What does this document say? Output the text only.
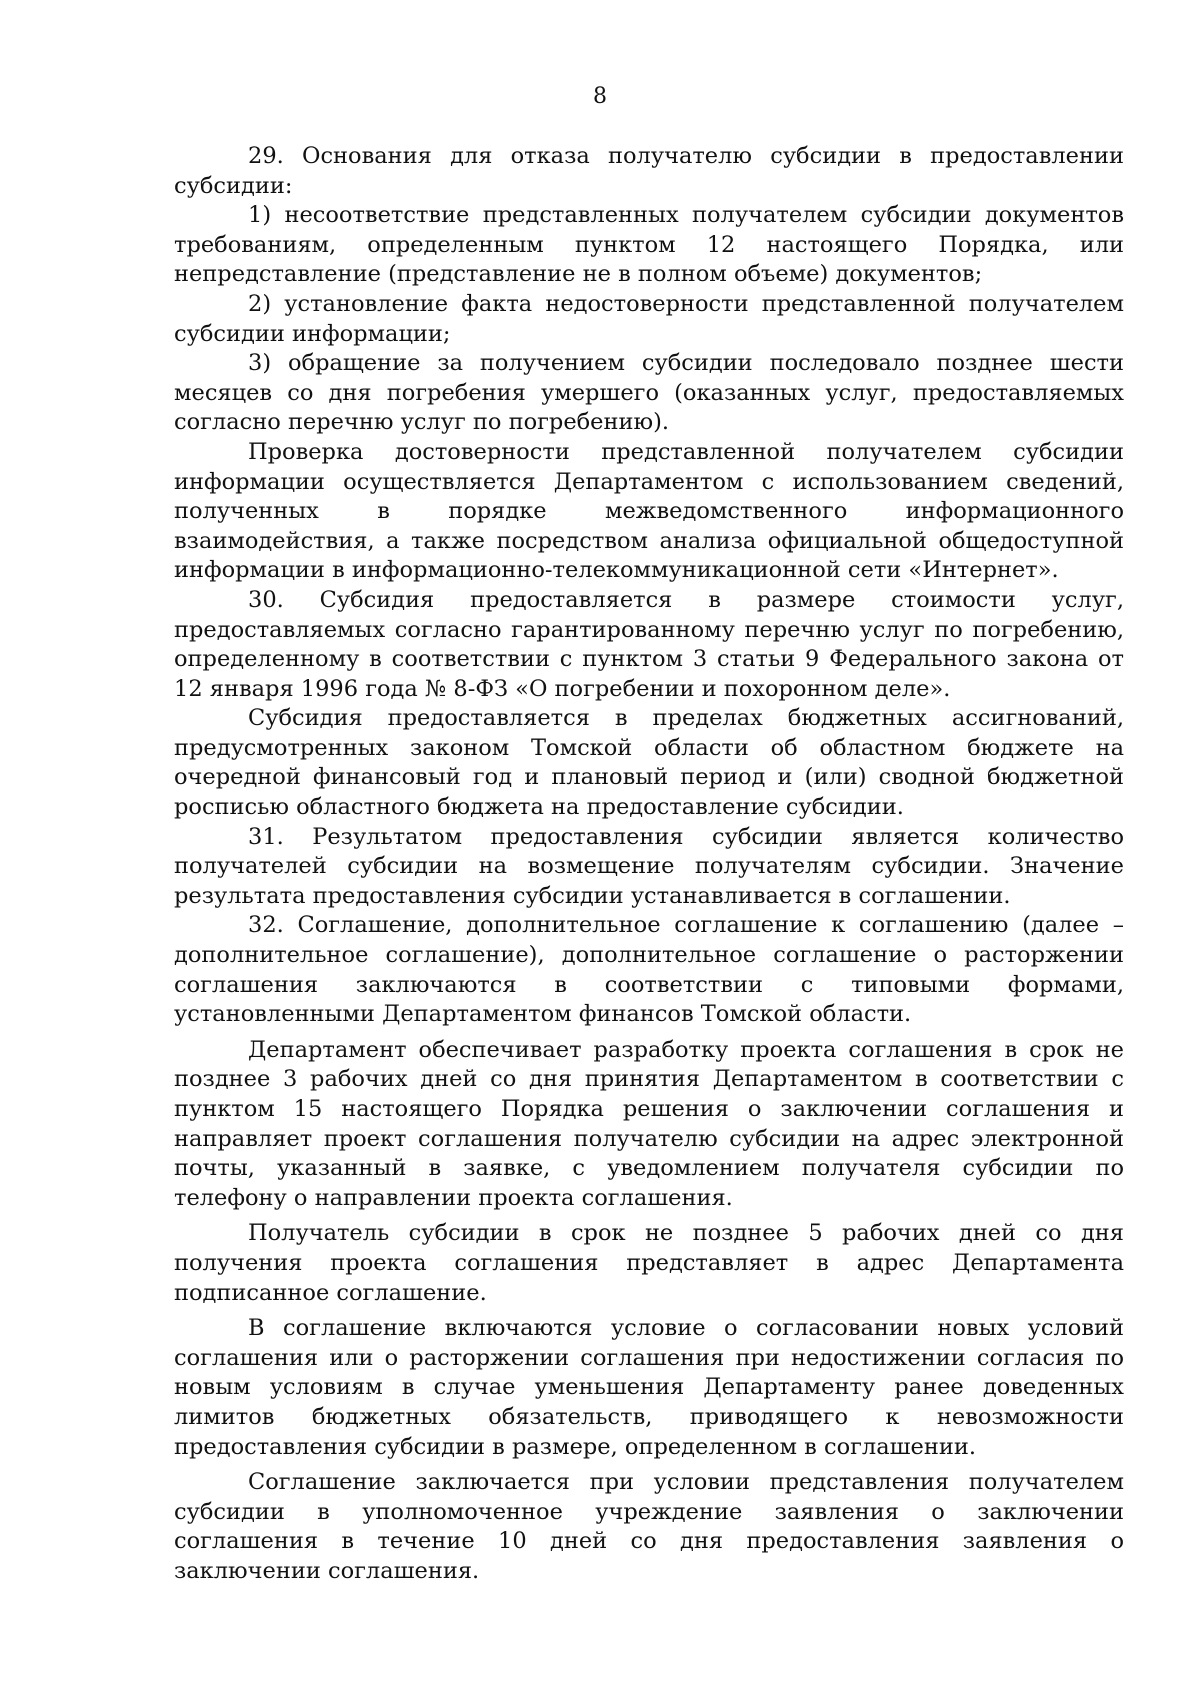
8

29. Основания для отказа получателю субсидии в предоставлении субсидии:

1) несоответствие представленных получателем субсидии документов требованиям, определенным пунктом 12 настоящего Порядка, или непредставление (представление не в полном объеме) документов;

2) установление факта недостоверности представленной получателем субсидии информации;

3) обращение за получением субсидии последовало позднее шести месяцев со дня погребения умершего (оказанных услуг, предоставляемых согласно перечню услуг по погребению).

Проверка достоверности представленной получателем субсидии информации осуществляется Департаментом с использованием сведений, полученных в порядке межведомственного информационного взаимодействия, а также посредством анализа официальной общедоступной информации в информационно-телекоммуникационной сети «Интернет».

30. Субсидия предоставляется в размере стоимости услуг, предоставляемых согласно гарантированному перечню услуг по погребению, определенному в соответствии с пунктом 3 статьи 9 Федерального закона от 12 января 1996 года № 8-ФЗ «О погребении и похоронном деле».

Субсидия предоставляется в пределах бюджетных ассигнований, предусмотренных законом Томской области об областном бюджете на очередной финансовый год и плановый период и (или) сводной бюджетной росписью областного бюджета на предоставление субсидии.

31. Результатом предоставления субсидии является количество получателей субсидии на возмещение получателям субсидии. Значение результата предоставления субсидии устанавливается в соглашении.

32. Соглашение, дополнительное соглашение к соглашению (далее – дополнительное соглашение), дополнительное соглашение о расторжении соглашения заключаются в соответствии с типовыми формами, установленными Департаментом финансов Томской области.

Департамент обеспечивает разработку проекта соглашения в срок не позднее 3 рабочих дней со дня принятия Департаментом в соответствии с пунктом 15 настоящего Порядка решения о заключении соглашения и направляет проект соглашения получателю субсидии на адрес электронной почты, указанный в заявке, с уведомлением получателя субсидии по телефону о направлении проекта соглашения.

Получатель субсидии в срок не позднее 5 рабочих дней со дня получения проекта соглашения представляет в адрес Департамента подписанное соглашение.

В соглашение включаются условие о согласовании новых условий соглашения или о расторжении соглашения при недостижении согласия по новым условиям в случае уменьшения Департаменту ранее доведенных лимитов бюджетных обязательств, приводящего к невозможности предоставления субсидии в размере, определенном в соглашении.

Соглашение заключается при условии представления получателем субсидии в уполномоченное учреждение заявления о заключении соглашения в течение 10 дней со дня предоставления заявления о заключении соглашения.
